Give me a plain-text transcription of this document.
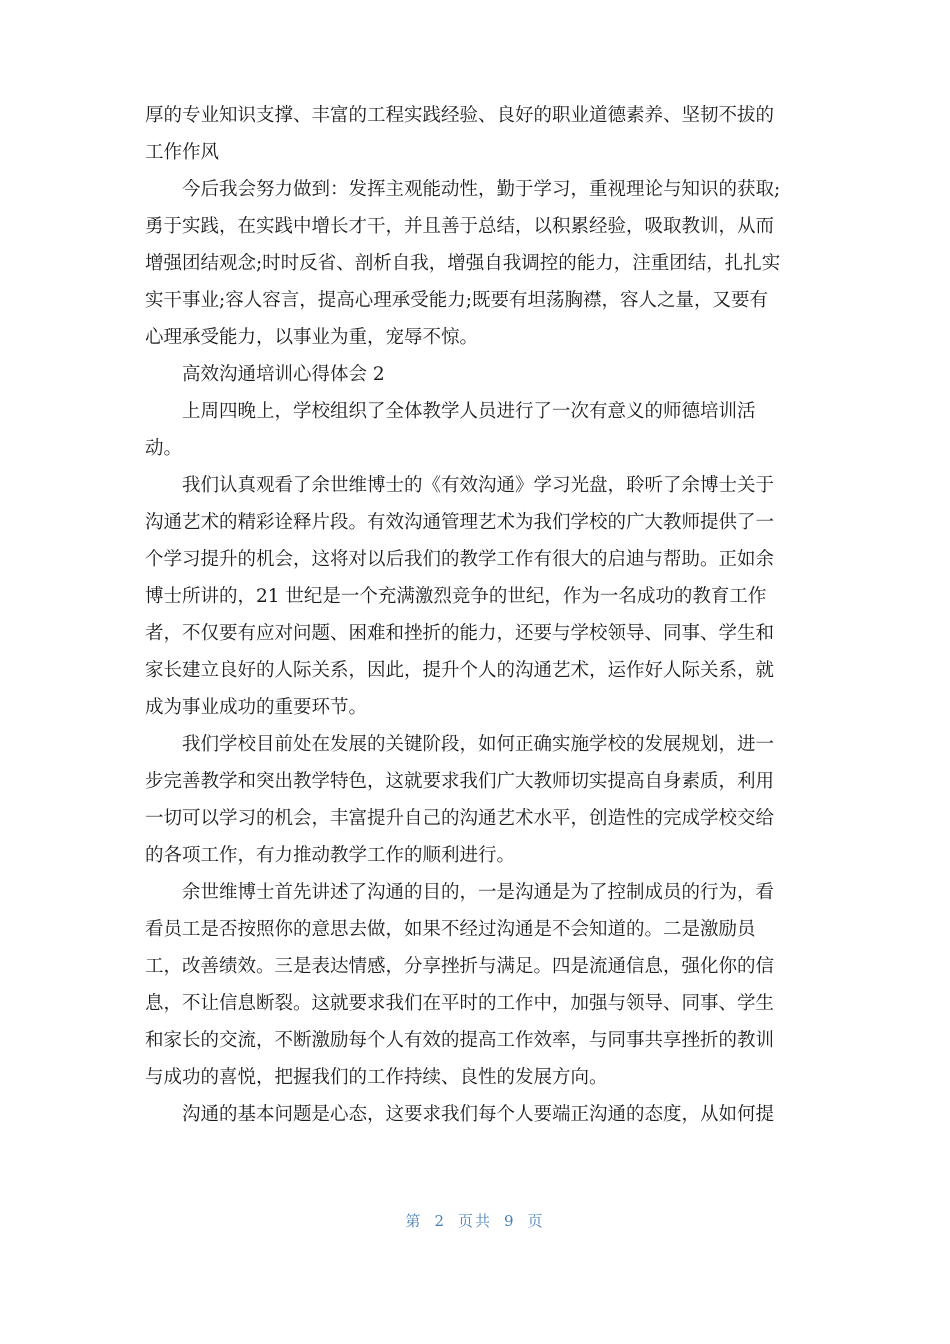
厚的专业知识支撑、丰富的工程实践经验、良好的职业道德素养、坚韧不拔的
工作作风
今后我会努力做到：发挥主观能动性，勤于学习，重视理论与知识的获取;
勇于实践，在实践中增长才干，并且善于总结，以积累经验，吸取教训，从而
增强团结观念;时时反省、剖析自我，增强自我调控的能力，注重团结，扎扎实
实干事业;容人容言，提高心理承受能力;既要有坦荡胸襟，容人之量，又要有
心理承受能力，以事业为重，宠辱不惊。
高效沟通培训心得体会 2
上周四晚上，学校组织了全体教学人员进行了一次有意义的师德培训活
动。
我们认真观看了余世维博士的《有效沟通》学习光盘，聆听了余博士关于
沟通艺术的精彩诠释片段。有效沟通管理艺术为我们学校的广大教师提供了一
个学习提升的机会，这将对以后我们的教学工作有很大的启迪与帮助。正如余
博士所讲的，21 世纪是一个充满激烈竞争的世纪，作为一名成功的教育工作
者，不仅要有应对问题、困难和挫折的能力，还要与学校领导、同事、学生和
家长建立良好的人际关系，因此，提升个人的沟通艺术，运作好人际关系，就
成为事业成功的重要环节。
我们学校目前处在发展的关键阶段，如何正确实施学校的发展规划，进一
步完善教学和突出教学特色，这就要求我们广大教师切实提高自身素质，利用
一切可以学习的机会，丰富提升自己的沟通艺术水平，创造性的完成学校交给
的各项工作，有力推动教学工作的顺利进行。
余世维博士首先讲述了沟通的目的，一是沟通是为了控制成员的行为，看
看员工是否按照你的意思去做，如果不经过沟通是不会知道的。二是激励员
工，改善绩效。三是表达情感，分享挫折与满足。四是流通信息，强化你的信
息，不让信息断裂。这就要求我们在平时的工作中，加强与领导、同事、学生
和家长的交流，不断激励每个人有效的提高工作效率，与同事共享挫折的教训
与成功的喜悦，把握我们的工作持续、良性的发展方向。
沟通的基本问题是心态，这要求我们每个人要端正沟通的态度，从如何提
第 2 页共 9 页
